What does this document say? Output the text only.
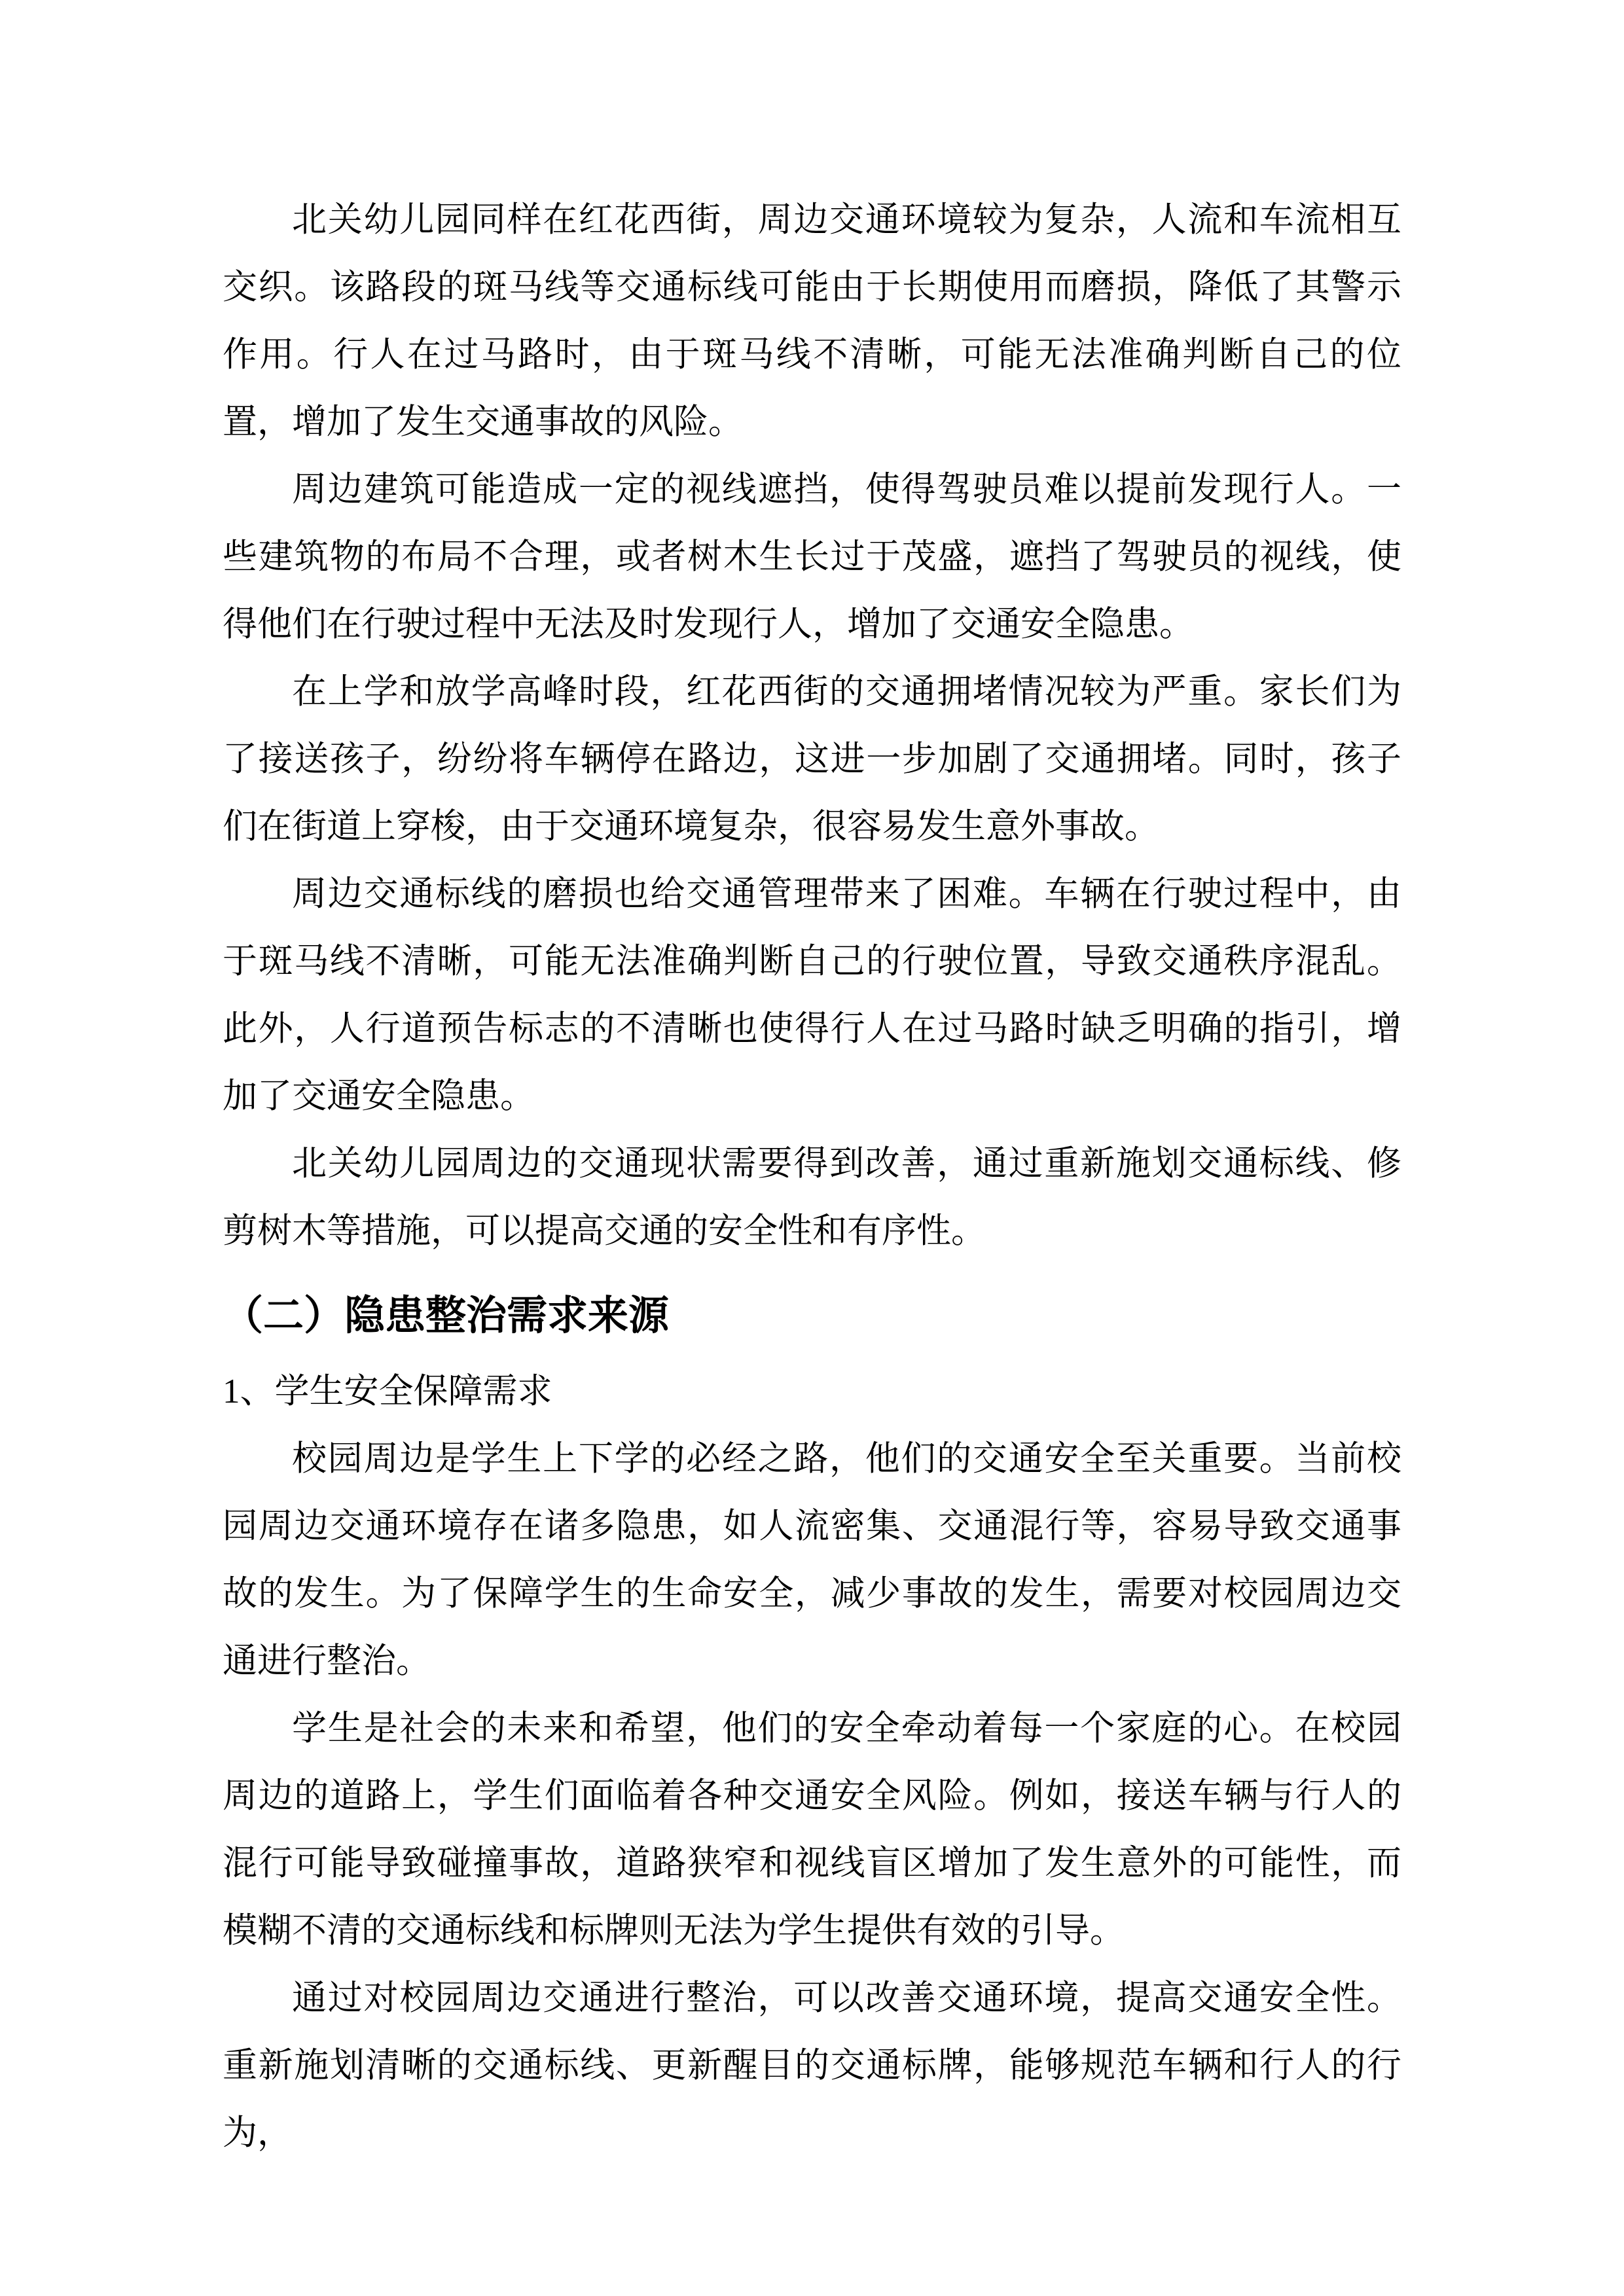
北关幼儿园同样在红花西街，周边交通环境较为复杂，人流和车流相互交织。该路段的斑马线等交通标线可能由于长期使用而磨损，降低了其警示作用。行人在过马路时，由于斑马线不清晰，可能无法准确判断自己的位置，增加了发生交通事故的风险。

周边建筑可能造成一定的视线遮挡，使得驾驶员难以提前发现行人。一些建筑物的布局不合理，或者树木生长过于茂盛，遮挡了驾驶员的视线，使得他们在行驶过程中无法及时发现行人，增加了交通安全隐患。

在上学和放学高峰时段，红花西街的交通拥堵情况较为严重。家长们为了接送孩子，纷纷将车辆停在路边，这进一步加剧了交通拥堵。同时，孩子们在街道上穿梭，由于交通环境复杂，很容易发生意外事故。

周边交通标线的磨损也给交通管理带来了困难。车辆在行驶过程中，由于斑马线不清晰，可能无法准确判断自己的行驶位置，导致交通秩序混乱。此外，人行道预告标志的不清晰也使得行人在过马路时缺乏明确的指引，增加了交通安全隐患。

北关幼儿园周边的交通现状需要得到改善，通过重新施划交通标线、修剪树木等措施，可以提高交通的安全性和有序性。

（二）隐患整治需求来源
1、学生安全保障需求

校园周边是学生上下学的必经之路，他们的交通安全至关重要。当前校园周边交通环境存在诸多隐患，如人流密集、交通混行等，容易导致交通事故的发生。为了保障学生的生命安全，减少事故的发生，需要对校园周边交通进行整治。

学生是社会的未来和希望，他们的安全牵动着每一个家庭的心。在校园周边的道路上，学生们面临着各种交通安全风险。例如，接送车辆与行人的混行可能导致碰撞事故，道路狭窄和视线盲区增加了发生意外的可能性，而模糊不清的交通标线和标牌则无法为学生提供有效的引导。

通过对校园周边交通进行整治，可以改善交通环境，提高交通安全性。重新施划清晰的交通标线、更新醒目的交通标牌，能够规范车辆和行人的行为，
